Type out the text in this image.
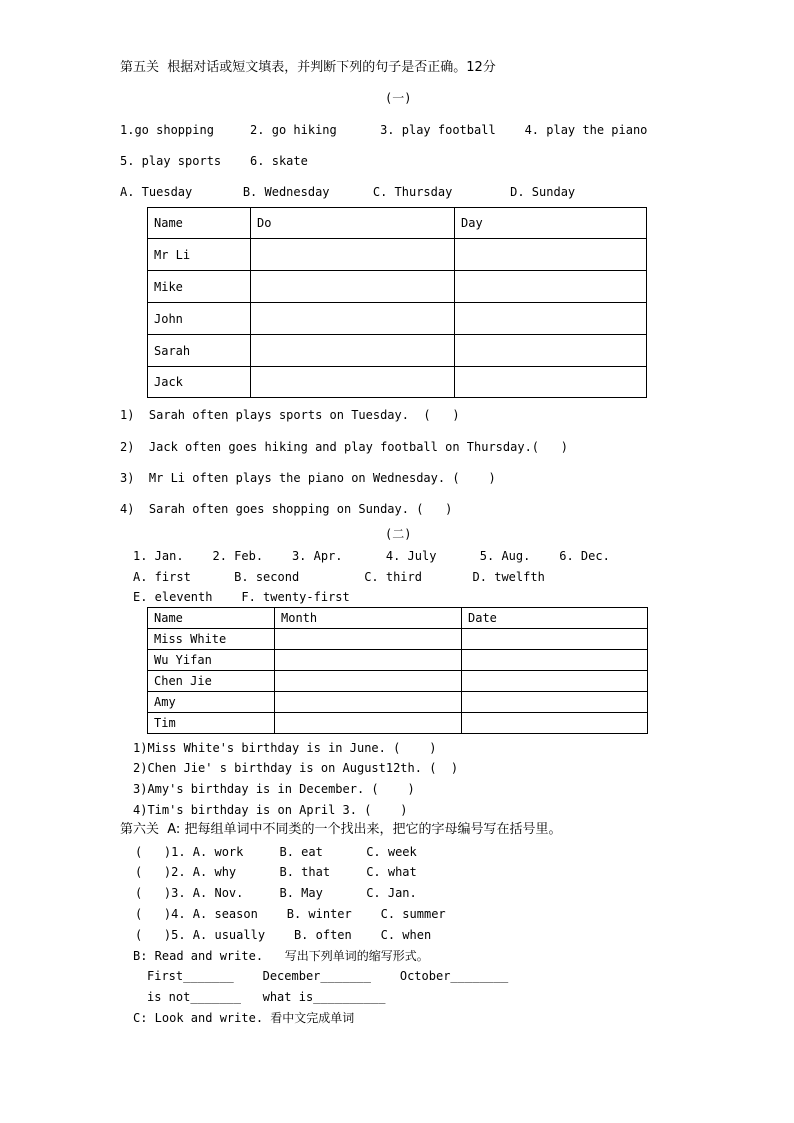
第五关  根据对话或短文填表，并判断下列的句子是否正确。12分
(一)
1.go shopping     2. go hiking      3. play football    4. play the piano
5. play sports    6. skate
A. Tuesday       B. Wednesday      C. Thursday        D. Sunday
Name	Do	Day
Mr Li		
Mike		
John		
Sarah		
Jack		
1)  Sarah often plays sports on Tuesday.  (   )
2)  Jack often goes hiking and play football on Thursday.(   )
3)  Mr Li often plays the piano on Wednesday. (    )
4)  Sarah often goes shopping on Sunday. (   )
(二)
1. Jan.    2. Feb.    3. Apr.      4. July      5. Aug.    6. Dec.
A. first      B. second         C. third       D. twelfth
E. eleventh    F. twenty-first
Name	Month	Date
Miss White		
Wu Yifan		
Chen Jie		
Amy		
Tim		
1)Miss White's birthday is in June. (    )
2)Chen Jie' s birthday is on August12th. (  )
3)Amy's birthday is in December. (    )
4)Tim's birthday is on April 3. (    )
第六关  A: 把每组单词中不同类的一个找出来，把它的字母编号写在括号里。
(   )1. A. work     B. eat      C. week
(   )2. A. why      B. that     C. what
(   )3. A. Nov.     B. May      C. Jan.
(   )4. A. season    B. winter    C. summer
(   )5. A. usually    B. often    C. when
B: Read and write.   写出下列单词的缩写形式。
First_______    December_______    October________
is not_______   what is__________
C: Look and write. 看中文完成单词
